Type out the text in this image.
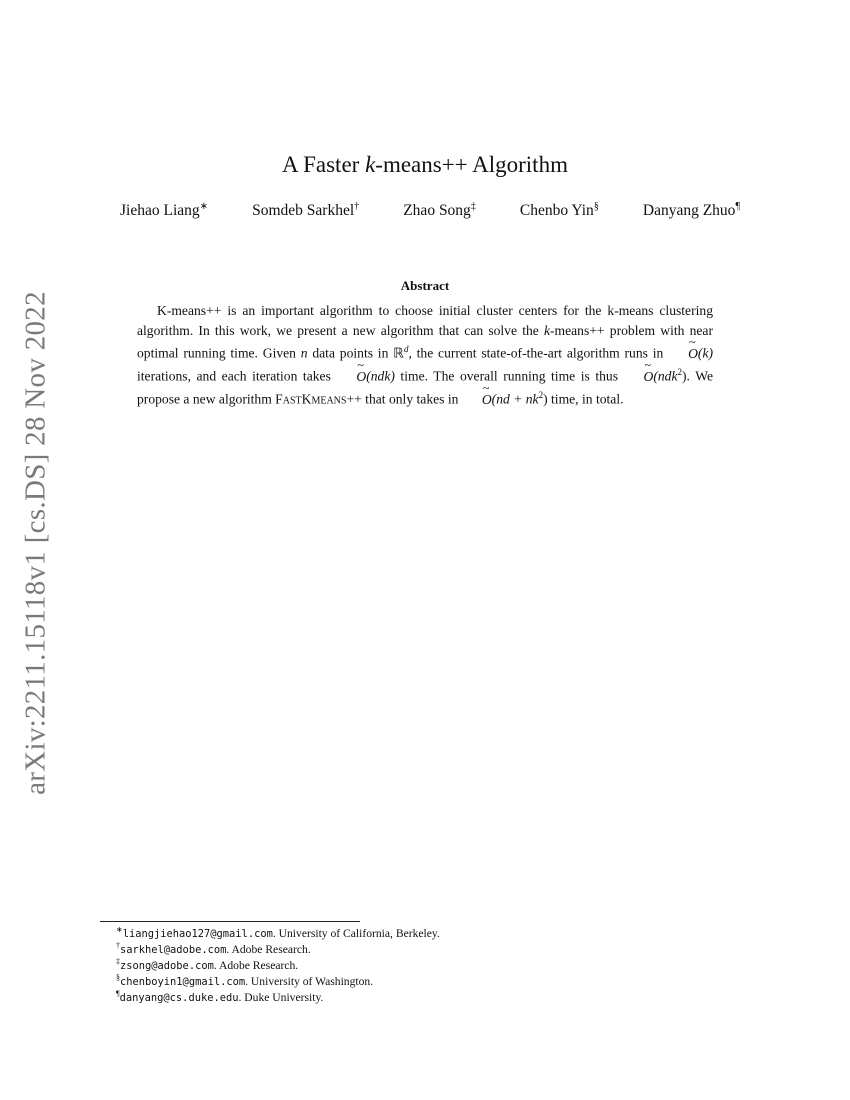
arXiv:2211.15118v1 [cs.DS] 28 Nov 2022
A Faster k-means++ Algorithm
Jiehao Liang∗	Somdeb Sarkhel†	Zhao Song‡	Chenbo Yin§	Danyang Zhuo¶
Abstract
K-means++ is an important algorithm to choose initial cluster centers for the k-means clustering algorithm. In this work, we present a new algorithm that can solve the k-means++ problem with near optimal running time. Given n data points in ℝ$^d$, the current state-of-the-art algorithm runs in ~ O(k) iterations, and each iteration takes ~ O(ndk) time. The overall running time is thus ~ O(ndk$^2$). We propose a new algorithm FastKmeans++ that only takes in ~ $O(nd + nk^2)$ time, in total.
∗liangjiehao127@gmail.com. University of California, Berkeley.
†sarkhel@adobe.com. Adobe Research.
‡zsong@adobe.com. Adobe Research.
§chenboyin1@gmail.com. University of Washington.
¶danyang@cs.duke.edu. Duke University.
